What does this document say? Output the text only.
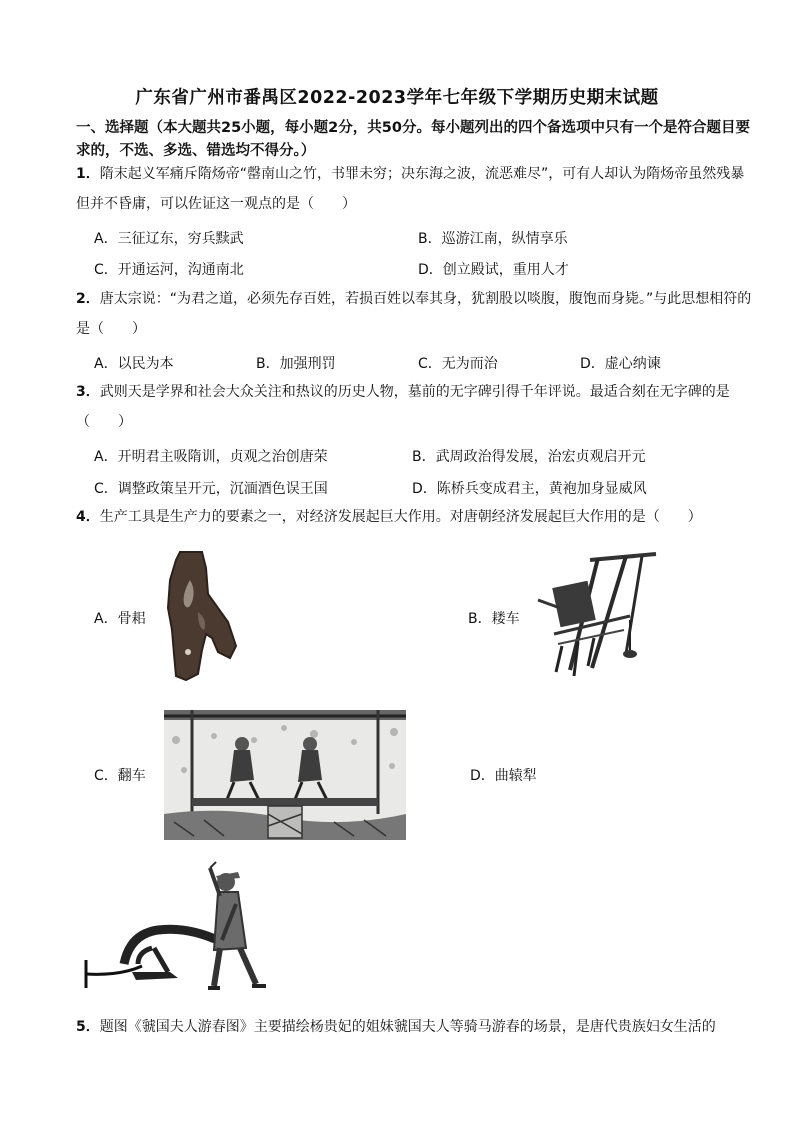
广东省广州市番禺区2022-2023学年七年级下学期历史期末试题
一、选择题（本大题共25小题，每小题2分，共50分。每小题列出的四个备选项中只有一个是符合题目要求的，不选、多选、错选均不得分。）
1．隋末起义军痛斥隋炀帝“罄南山之竹，书罪未穷；决东海之波，流恶难尽”，可有人却认为隋炀帝虽然残暴但并不昏庸，可以佐证这一观点的是（　　）
A．三征辽东，穷兵黩武	B．巡游江南，纵情享乐
C．开通运河，沟通南北	D．创立殿试，重用人才
2．唐太宗说：“为君之道，必须先存百姓，若损百姓以奉其身，犹割股以啖腹，腹饱而身毙。”与此思想相符的是（　　）
A．以民为本	B．加强刑罚	C．无为而治	D．虚心纳谏
3．武则天是学界和社会大众关注和热议的历史人物，墓前的无字碑引得千年评说。最适合刻在无字碑的是（　　）
A．开明君主吸隋训，贞观之治创唐荣	B．武周政治得发展，治宏贞观启开元
C．调整政策呈开元，沉湎酒色误王国	D．陈桥兵变成君主，黄袍加身显威风
4．生产工具是生产力的要素之一，对经济发展起巨大作用。对唐朝经济发展起巨大作用的是（　　）
A．骨耜	B．耧车
C．翻车	D．曲辕犁
5．题图《虢国夫人游春图》主要描绘杨贵妃的姐妹虢国夫人等骑马游春的场景，是唐代贵族妇女生活的
